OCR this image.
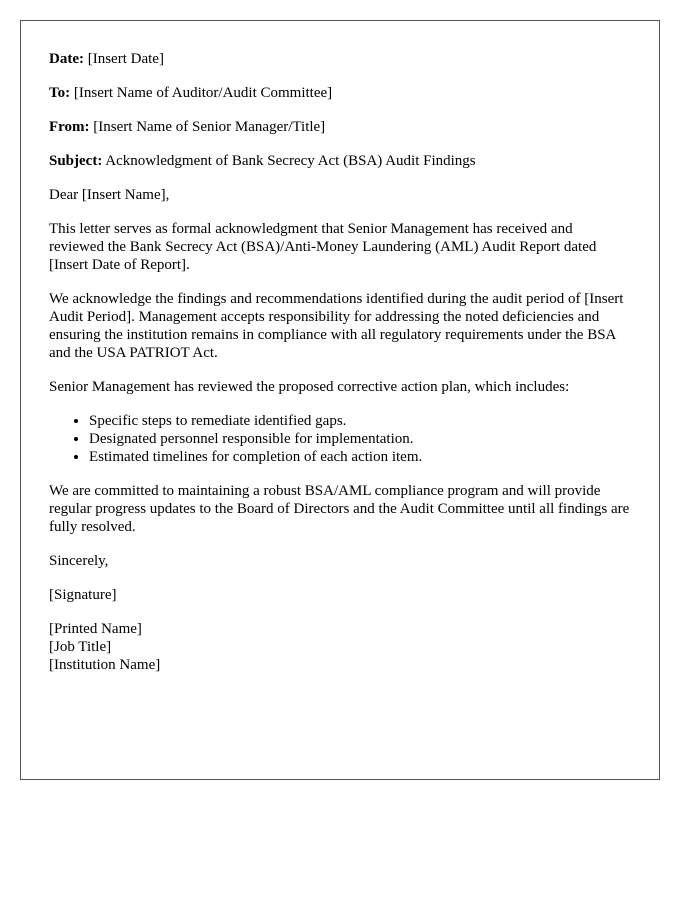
Date: [Insert Date]

To: [Insert Name of Auditor/Audit Committee]

From: [Insert Name of Senior Manager/Title]

Subject: Acknowledgment of Bank Secrecy Act (BSA) Audit Findings

Dear [Insert Name],

This letter serves as formal acknowledgment that Senior Management has received and reviewed the Bank Secrecy Act (BSA)/Anti-Money Laundering (AML) Audit Report dated [Insert Date of Report].

We acknowledge the findings and recommendations identified during the audit period of [Insert Audit Period]. Management accepts responsibility for addressing the noted deficiencies and ensuring the institution remains in compliance with all regulatory requirements under the BSA and the USA PATRIOT Act.

Senior Management has reviewed the proposed corrective action plan, which includes:

• Specific steps to remediate identified gaps.
• Designated personnel responsible for implementation.
• Estimated timelines for completion of each action item.

We are committed to maintaining a robust BSA/AML compliance program and will provide regular progress updates to the Board of Directors and the Audit Committee until all findings are fully resolved.

Sincerely,

[Signature]

[Printed Name]
[Job Title]
[Institution Name]
